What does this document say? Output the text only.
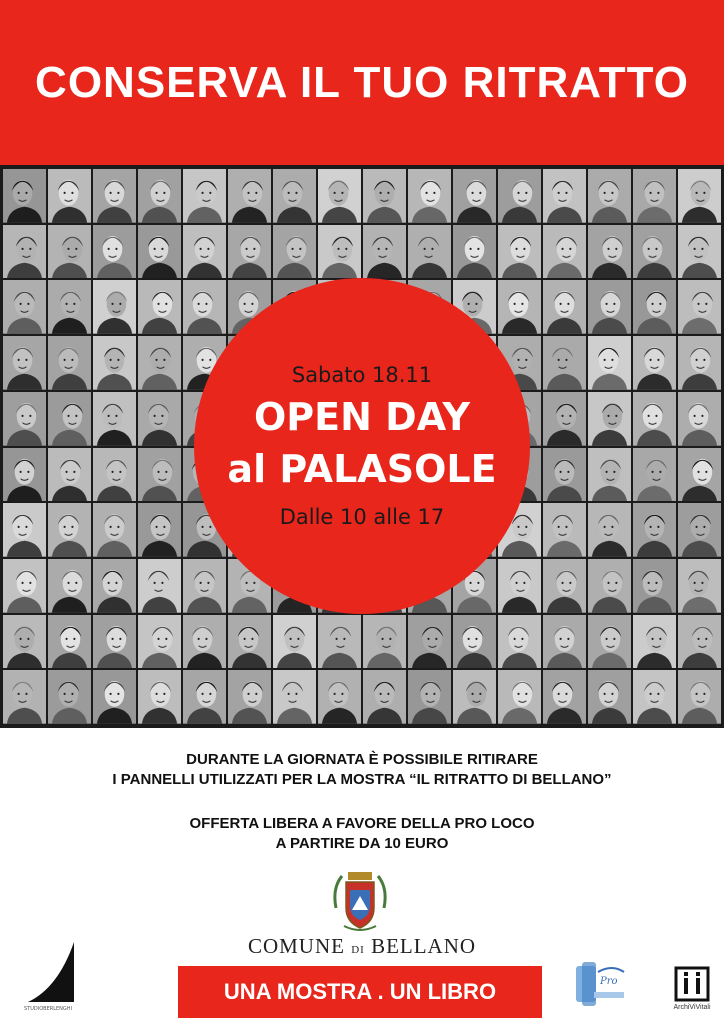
CONSERVA IL TUO RITRATTO
Sabato 18.11
OPEN DAY
al PALASOLE
Dalle 10 alle 17
DURANTE LA GIORNATA È POSSIBILE RITIRARE
I PANNELLI UTILIZZATI PER LA MOSTRA “IL RITRATTO DI BELLANO”
OFFERTA LIBERA A FAVORE DELLA PRO LOCO
A PARTIRE DA 10 EURO
COMUNE DI BELLANO
STUDIOBERLENGHI
UNA MOSTRA . UN LIBRO	Pro
ArchiViVitali
